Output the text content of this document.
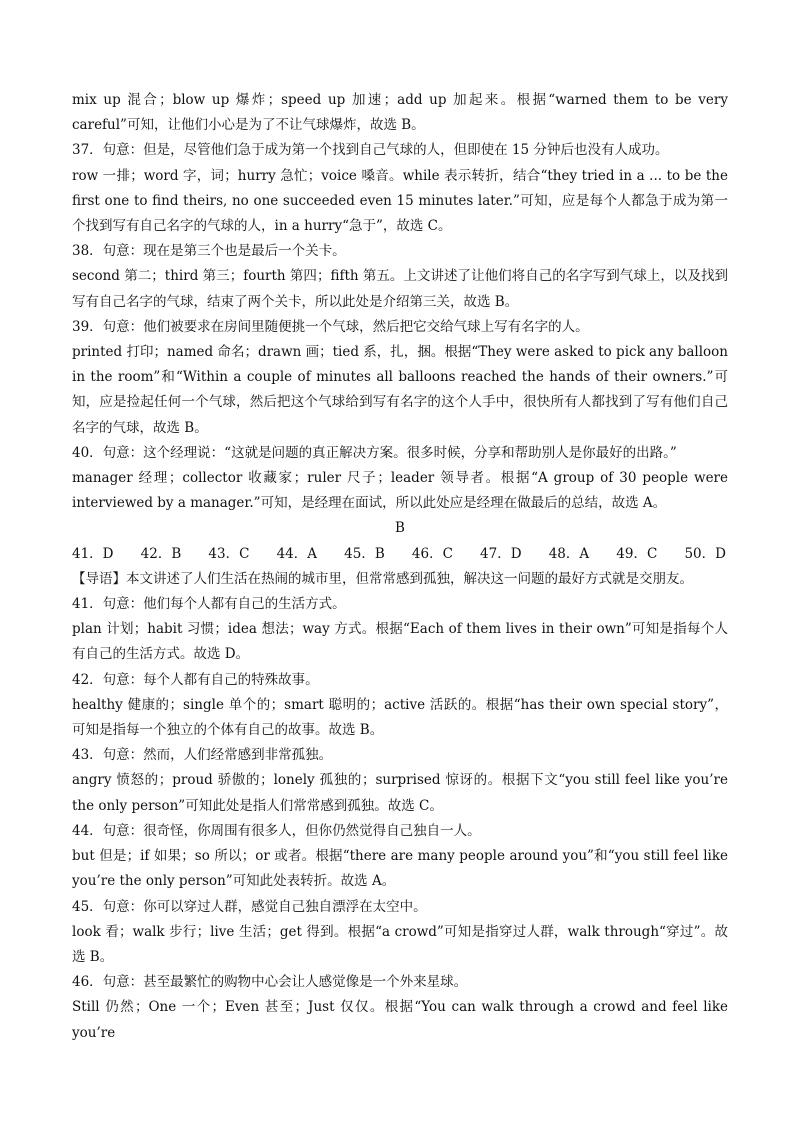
mix up 混合；blow up 爆炸；speed up 加速；add up 加起来。根据“warned them to be very careful”可知，让他们小心是为了不让气球爆炸，故选 B。

37．句意：但是，尽管他们急于成为第一个找到自己气球的人，但即使在 15 分钟后也没有人成功。

row 一排；word 字，词；hurry 急忙；voice 嗓音。while 表示转折，结合“they tried in a ... to be the first one to find theirs, no one succeeded even 15 minutes later.”可知，应是每个人都急于成为第一个找到写有自己名字的气球的人，in a hurry“急于”，故选 C。

38．句意：现在是第三个也是最后一个关卡。

second 第二；third 第三；fourth 第四；fifth 第五。上文讲述了让他们将自己的名字写到气球上，以及找到写有自己名字的气球，结束了两个关卡，所以此处是介绍第三关，故选 B。

39．句意：他们被要求在房间里随便挑一个气球，然后把它交给气球上写有名字的人。

printed 打印；named 命名；drawn 画；tied 系，扎，捆。根据“They were asked to pick any balloon in the room”和“Within a couple of minutes all balloons reached the hands of their owners.”可知，应是捡起任何一个气球，然后把这个气球给到写有名字的这个人手中，很快所有人都找到了写有他们自己名字的气球，故选 B。

40．句意：这个经理说：“这就是问题的真正解决方案。很多时候，分享和帮助别人是你最好的出路。”

manager 经理；collector 收藏家；ruler 尺子；leader 领导者。根据“A group of 30 people were interviewed by a manager.”可知，是经理在面试，所以此处应是经理在做最后的总结，故选 A。

B

41．D 42．B 43．C 44．A 45．B 46．C 47．D 48．A 49．C 50．D

【导语】本文讲述了人们生活在热闹的城市里，但常常感到孤独，解决这一问题的最好方式就是交朋友。

41．句意：他们每个人都有自己的生活方式。

plan 计划；habit 习惯；idea 想法；way 方式。根据“Each of them lives in their own”可知是指每个人有自己的生活方式。故选 D。

42．句意：每个人都有自己的特殊故事。

healthy 健康的；single 单个的；smart 聪明的；active 活跃的。根据“has their own special story”，可知是指每一个独立的个体有自己的故事。故选 B。

43．句意：然而，人们经常感到非常孤独。

angry 愤怒的；proud 骄傲的；lonely 孤独的；surprised 惊讶的。根据下文“you still feel like you’re the only person”可知此处是指人们常常感到孤独。故选 C。

44．句意：很奇怪，你周围有很多人，但你仍然觉得自己独自一人。

but 但是；if 如果；so 所以；or 或者。根据“there are many people around you”和“you still feel like you’re the only person”可知此处表转折。故选 A。

45．句意：你可以穿过人群，感觉自己独自漂浮在太空中。

look 看；walk 步行；live 生活；get 得到。根据“a crowd”可知是指穿过人群，walk through“穿过”。故选 B。

46．句意：甚至最繁忙的购物中心会让人感觉像是一个外来星球。

Still 仍然；One 一个；Even 甚至；Just 仅仅。根据“You can walk through a crowd and feel like you’re
